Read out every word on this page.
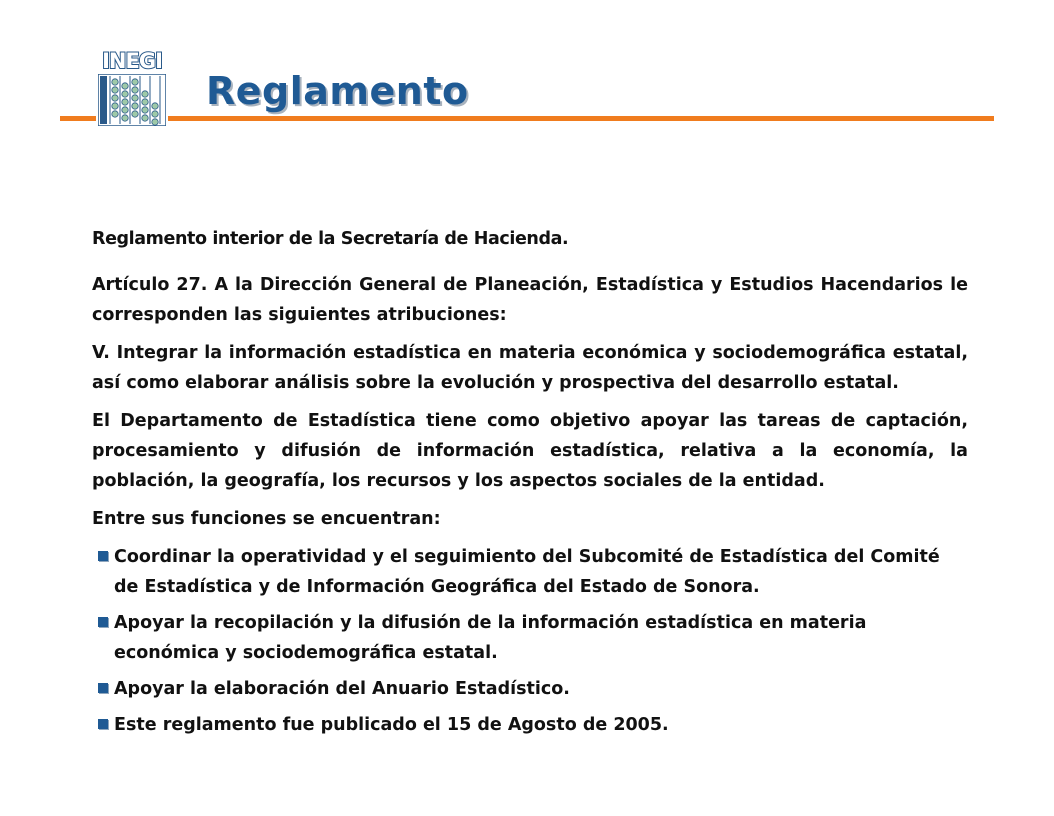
INEGI
Reglamento

Reglamento interior de la Secretaría de Hacienda.

Artículo 27. A la Dirección General de Planeación, Estadística y Estudios Hacendarios le corresponden las siguientes atribuciones:

V. Integrar la información estadística en materia económica y sociodemográfica estatal, así como elaborar análisis sobre la evolución y prospectiva del desarrollo estatal.

El Departamento de Estadística tiene como objetivo apoyar las tareas de captación, procesamiento y difusión de información estadística, relativa a la economía, la población, la geografía, los recursos y los aspectos sociales de la entidad.

Entre sus funciones se encuentran:

Coordinar la operatividad y el seguimiento del Subcomité de Estadística del Comité de Estadística y de Información Geográfica del Estado de Sonora.
Apoyar la recopilación y la difusión de la información estadística en materia económica y sociodemográfica estatal.
Apoyar la elaboración del Anuario Estadístico.
Este reglamento fue publicado el 15 de Agosto de 2005.
